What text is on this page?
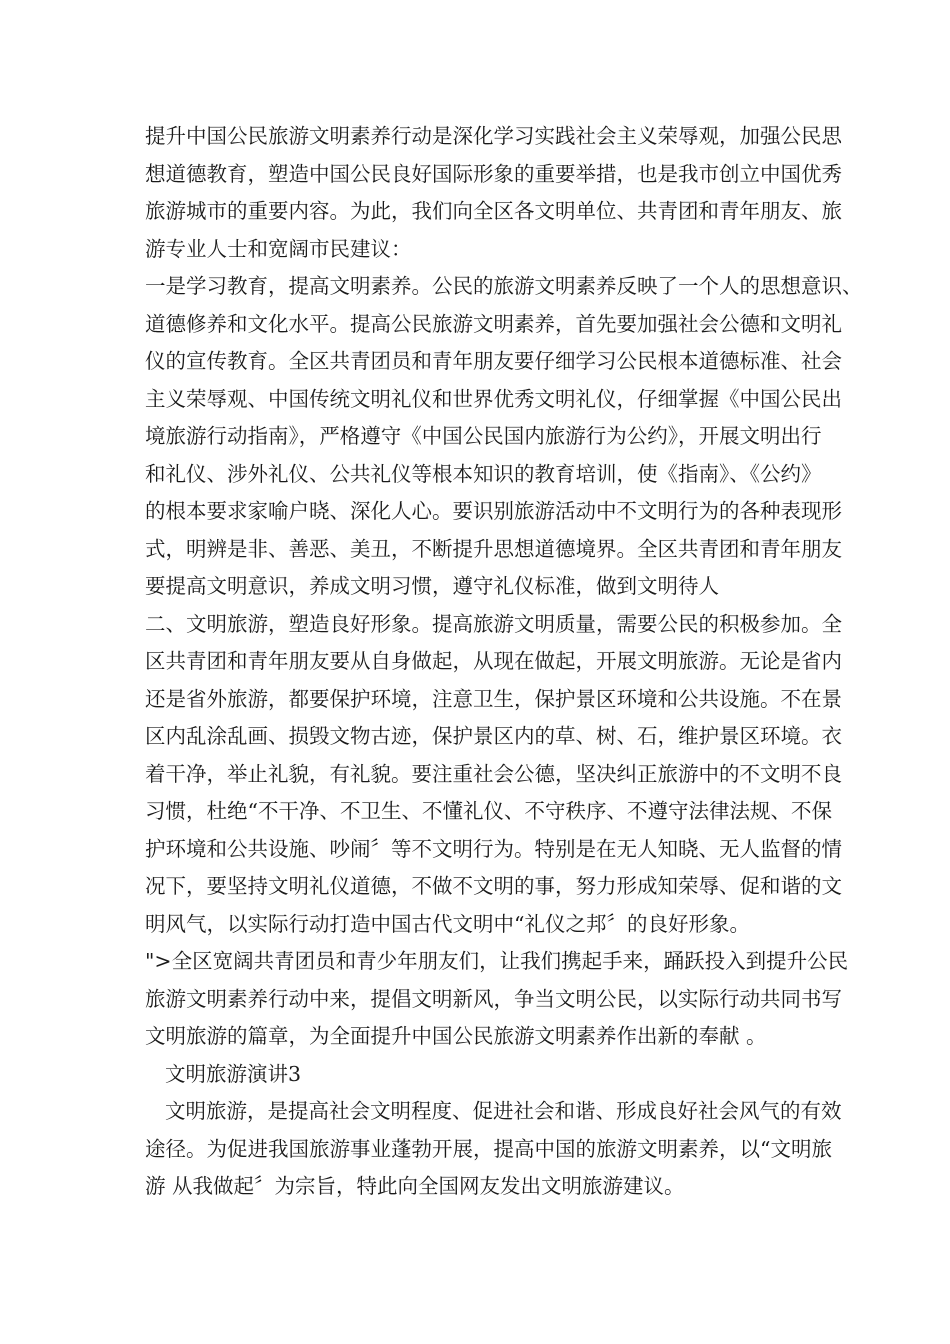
提升中国公民旅游文明素养行动是深化学习实践社会主义荣辱观，加强公民思
想道德教育，塑造中国公民良好国际形象的重要举措，也是我市创立中国优秀
旅游城市的重要内容。为此，我们向全区各文明单位、共青团和青年朋友、旅
游专业人士和宽阔市民建议：
一是学习教育，提高文明素养。公民的旅游文明素养反映了一个人的思想意识、
道德修养和文化水平。提高公民旅游文明素养，首先要加强社会公德和文明礼
仪的宣传教育。全区共青团员和青年朋友要仔细学习公民根本道德标准、社会
主义荣辱观、中国传统文明礼仪和世界优秀文明礼仪，仔细掌握《中国公民出
境旅游行动指南》，严格遵守《中国公民国内旅游行为公约》，开展文明出行
和礼仪、涉外礼仪、公共礼仪等根本知识的教育培训，使《指南》、《公约》
的根本要求家喻户晓、深化人心。要识别旅游活动中不文明行为的各种表现形
式，明辨是非、善恶、美丑，不断提升思想道德境界。全区共青团和青年朋友
要提高文明意识，养成文明习惯，遵守礼仪标准，做到文明待人
二、文明旅游，塑造良好形象。提高旅游文明质量，需要公民的积极参加。全
区共青团和青年朋友要从自身做起，从现在做起，开展文明旅游。无论是省内
还是省外旅游，都要保护环境，注意卫生，保护景区环境和公共设施。不在景
区内乱涂乱画、损毁文物古迹，保护景区内的草、树、石，维护景区环境。衣
着干净，举止礼貌，有礼貌。要注重社会公德，坚决纠正旅游中的不文明不良
习惯，杜绝“不干净、不卫生、不懂礼仪、不守秩序、不遵守法律法规、不保
护环境和公共设施、吵闹〞等不文明行为。特别是在无人知晓、无人监督的情
况下，要坚持文明礼仪道德，不做不文明的事，努力形成知荣辱、促和谐的文
明风气，以实际行动打造中国古代文明中“礼仪之邦〞的良好形象。
">全区宽阔共青团员和青少年朋友们，让我们携起手来，踊跃投入到提升公民
旅游文明素养行动中来，提倡文明新风，争当文明公民，以实际行动共同书写
文明旅游的篇章，为全面提升中国公民旅游文明素养作出新的奉献 。
文明旅游演讲3
文明旅游，是提高社会文明程度、促进社会和谐、形成良好社会风气的有效
途径。为促进我国旅游事业蓬勃开展，提高中国的旅游文明素养，以“文明旅
游 从我做起〞为宗旨，特此向全国网友发出文明旅游建议。
